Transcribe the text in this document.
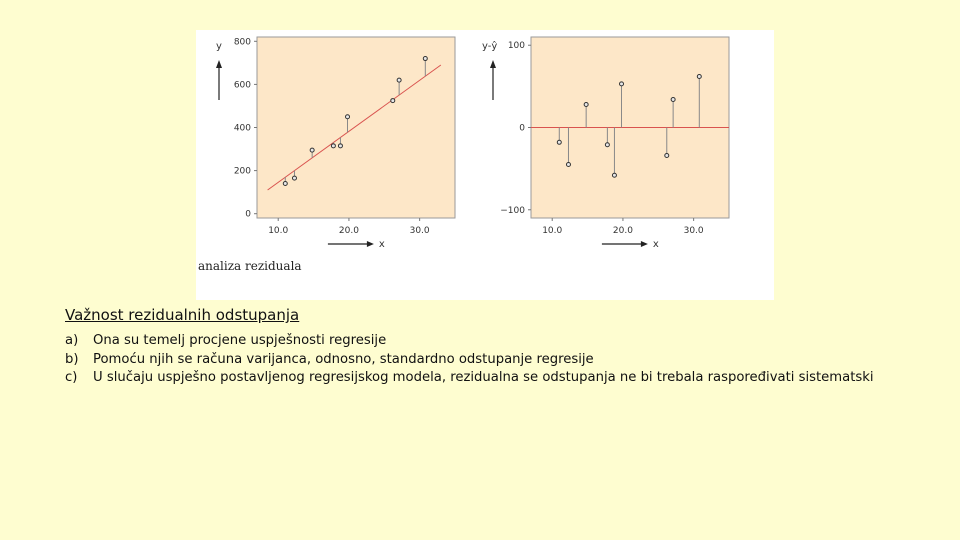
0
200
400
600
800
10.0	20.0	30.0
x
y
−100
0
100
10.0	20.0	30.0
x
y-ŷ
analiza reziduala
Važnost rezidualnih odstupanja
a)	Ona su temelj procjene uspješnosti regresije
b)	Pomoću njih se računa varijanca, odnosno, standardno odstupanje regresije
c)	U slučaju uspješno postavljenog regresijskog modela, rezidualna se odstupanja ne bi trebala raspoređivati sistematski
